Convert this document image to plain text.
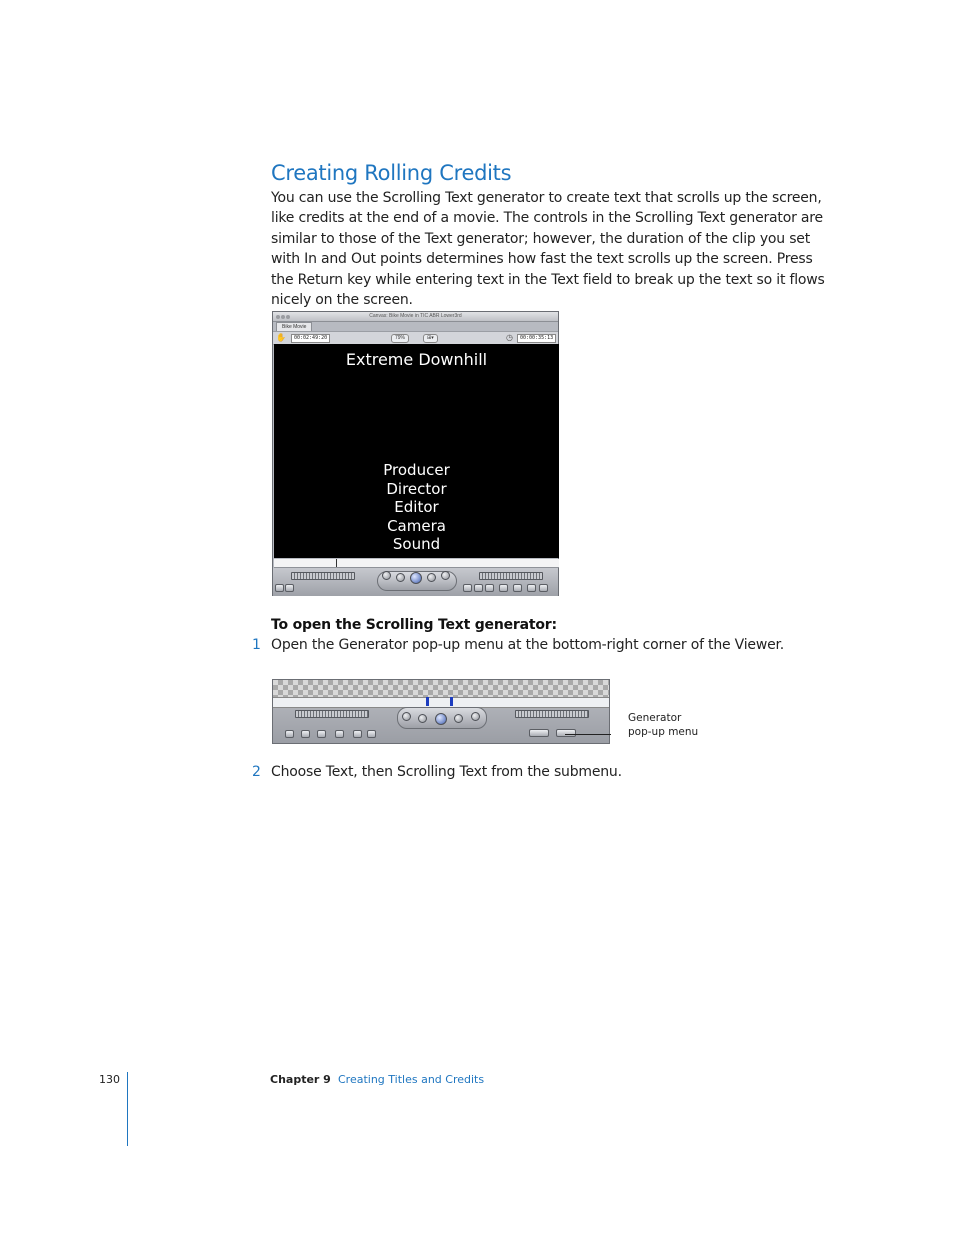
Creating Rolling Credits
You can use the Scrolling Text generator to create text that scrolls up the screen, like credits at the end of a movie. The controls in the Scrolling Text generator are similar to those of the Text generator; however, the duration of the clip you set with In and Out points determines how fast the text scrolls up the screen. Press the Return key while entering text in the Text field to break up the text so it flows nicely on the screen.
Canvas: Bike Movie in TIC ABR Lower3rd
Bike Movie
✋	00:02:49:20	79%	⊞▾	◷	00:00:35:13
Extreme Downhill
Producer
Director
Editor
Camera
Sound
To open the Scrolling Text generator:
1 Open the Generator pop-up menu at the bottom-right corner of the Viewer.
Generator
pop-up menu
2 Choose Text, then Scrolling Text from the submenu.
130	Chapter 9 Creating Titles and Credits
